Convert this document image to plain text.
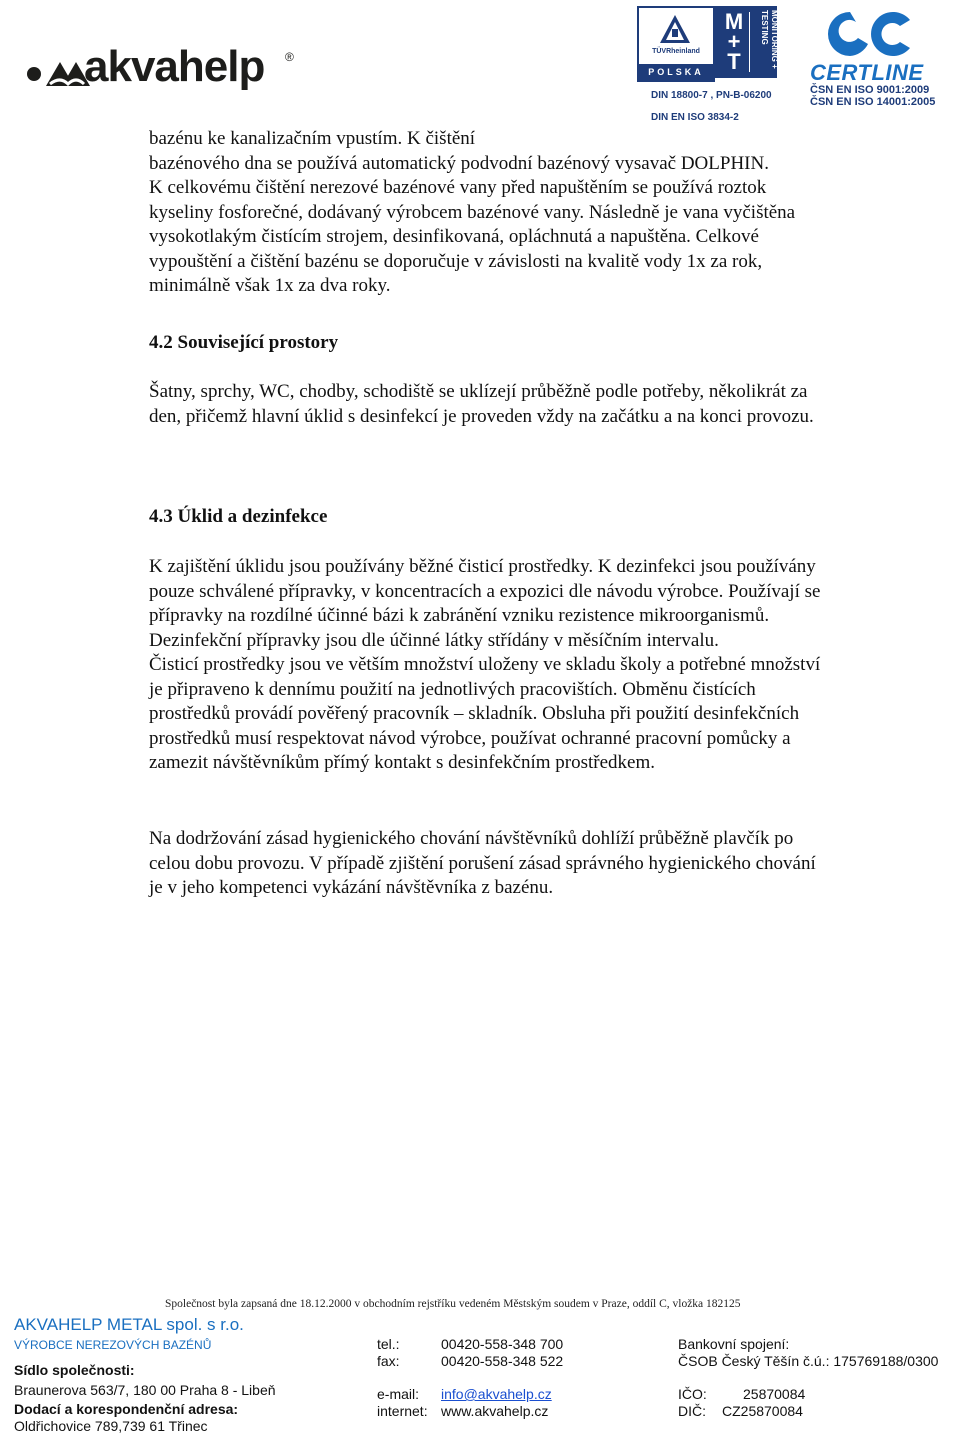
akvahelp ®	TÜVRheinland
POLSKA
M
+
T	MONITORING + TESTING
DIN 18800-7 , PN-B-06200
DIN EN ISO 3834-2
CERTLINE
ČSN EN ISO 9001:2009
ČSN EN ISO 14001:2005

bazénu ke kanalizačním vpustím. K čištění

bazénového dna se používá automatický podvodní bazénový vysavač DOLPHIN.

K celkovému čištění nerezové bazénové vany před napuštěním se používá roztok

kyseliny fosforečné, dodávaný výrobcem bazénové vany. Následně je vana vyčištěna

vysokotlakým čistícím strojem, desinfikovaná, opláchnutá a napuštěna. Celkové

vypouštění a čištění bazénu se doporučuje v závislosti na kvalitě vody 1x za rok,

minimálně však 1x za dva roky.

4.2 Související prostory

Šatny, sprchy, WC, chodby, schodiště se uklízejí průběžně podle potřeby, několikrát za

den, přičemž hlavní úklid s desinfekcí je proveden vždy na začátku a na konci provozu.

4.3 Úklid a dezinfekce

K zajištění úklidu jsou používány běžné čisticí prostředky. K dezinfekci jsou používány

pouze schválené přípravky, v koncentracích a expozici dle návodu výrobce. Používají se

přípravky na rozdílné účinné bázi k zabránění vzniku rezistence mikroorganismů.

Dezinfekční přípravky jsou dle účinné látky střídány v měsíčním intervalu.

Čisticí prostředky jsou ve větším množství uloženy ve skladu školy a potřebné množství

je připraveno k dennímu použití na jednotlivých pracovištích. Obměnu čistících

prostředků provádí pověřený pracovník – skladník. Obsluha při použití desinfekčních

prostředků musí respektovat návod výrobce, používat ochranné pracovní pomůcky a

zamezit návštěvníkům přímý kontakt s desinfekčním prostředkem.

Na dodržování zásad hygienického chování návštěvníků dohlíží průběžně plavčík po

celou dobu provozu. V případě zjištění porušení zásad správného hygienického chování

je v jeho kompetenci vykázání návštěvníka z bazénu.

Společnost byla zapsaná dne 18.12.2000 v obchodním rejstříku vedeném Městským soudem v Praze, oddíl C, vložka 182125
AKVAHELP METAL spol. s r.o.
VÝROBCE NEREZOVÝCH BAZÉNŮ
Sídlo společnosti:
Braunerova 563/7, 180 00 Praha 8 - Libeň
Dodací a korespondenční adresa:
Oldřichovice 789,739 61 Třinec
tel.:	00420-558-348 700
fax:	00420-558-348 522
e-mail: info@akvahelp.cz
internet: www.akvahelp.cz
Bankovní spojení:
ČSOB Český Těšín č.ú.: 175769188/0300
IČO:	25870084
DIČ: CZ25870084
